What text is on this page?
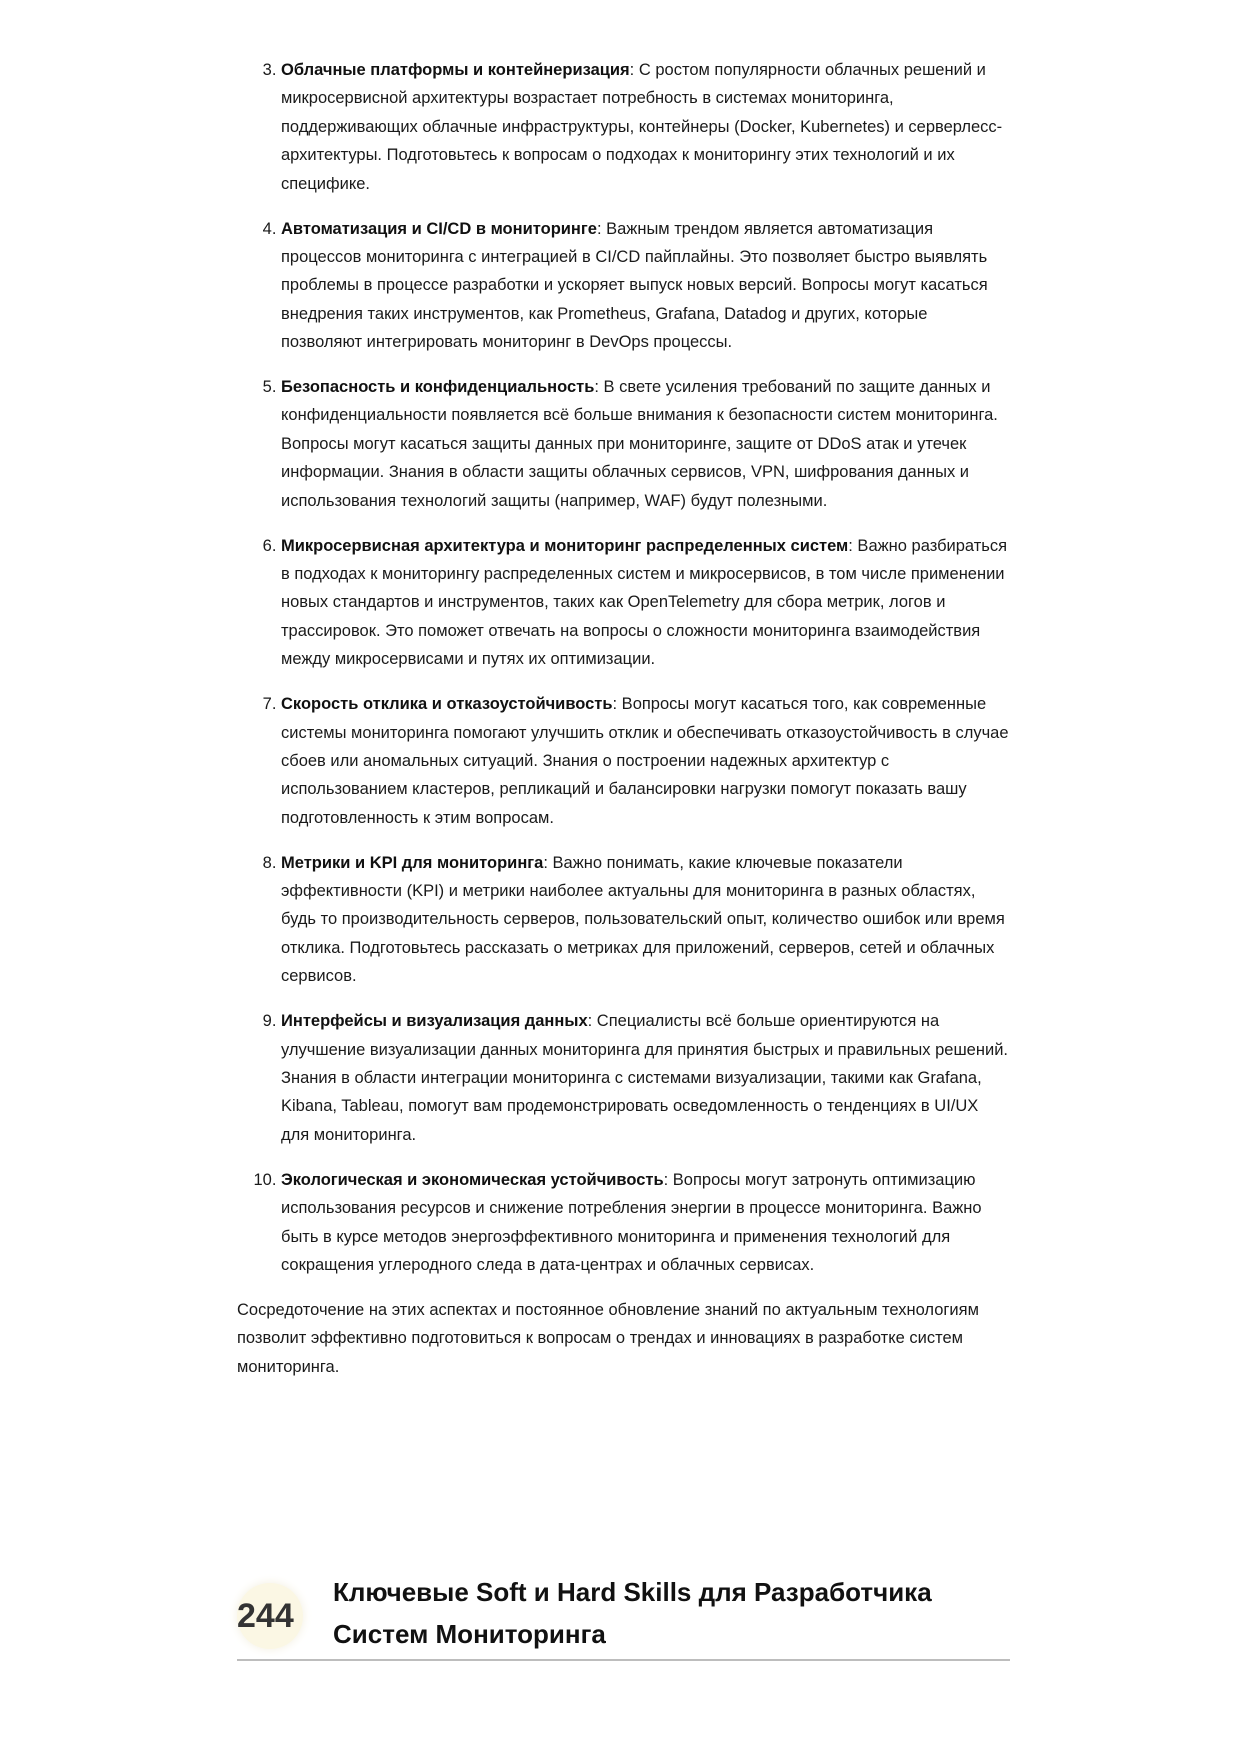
3. Облачные платформы и контейнеризация: С ростом популярности облачных решений и микросервисной архитектуры возрастает потребность в системах мониторинга, поддерживающих облачные инфраструктуры, контейнеры (Docker, Kubernetes) и серверлесс-архитектуры. Подготовьтесь к вопросам о подходах к мониторингу этих технологий и их специфике.
4. Автоматизация и CI/CD в мониторинге: Важным трендом является автоматизация процессов мониторинга с интеграцией в CI/CD пайплайны. Это позволяет быстро выявлять проблемы в процессе разработки и ускоряет выпуск новых версий. Вопросы могут касаться внедрения таких инструментов, как Prometheus, Grafana, Datadog и других, которые позволяют интегрировать мониторинг в DevOps процессы.
5. Безопасность и конфиденциальность: В свете усиления требований по защите данных и конфиденциальности появляется всё больше внимания к безопасности систем мониторинга. Вопросы могут касаться защиты данных при мониторинге, защите от DDoS атак и утечек информации. Знания в области защиты облачных сервисов, VPN, шифрования данных и использования технологий защиты (например, WAF) будут полезными.
6. Микросервисная архитектура и мониторинг распределенных систем: Важно разбираться в подходах к мониторингу распределенных систем и микросервисов, в том числе применении новых стандартов и инструментов, таких как OpenTelemetry для сбора метрик, логов и трассировок. Это поможет отвечать на вопросы о сложности мониторинга взаимодействия между микросервисами и путях их оптимизации.
7. Скорость отклика и отказоустойчивость: Вопросы могут касаться того, как современные системы мониторинга помогают улучшить отклик и обеспечивать отказоустойчивость в случае сбоев или аномальных ситуаций. Знания о построении надежных архитектур с использованием кластеров, репликаций и балансировки нагрузки помогут показать вашу подготовленность к этим вопросам.
8. Метрики и KPI для мониторинга: Важно понимать, какие ключевые показатели эффективности (KPI) и метрики наиболее актуальны для мониторинга в разных областях, будь то производительность серверов, пользовательский опыт, количество ошибок или время отклика. Подготовьтесь рассказать о метриках для приложений, серверов, сетей и облачных сервисов.
9. Интерфейсы и визуализация данных: Специалисты всё больше ориентируются на улучшение визуализации данных мониторинга для принятия быстрых и правильных решений. Знания в области интеграции мониторинга с системами визуализации, такими как Grafana, Kibana, Tableau, помогут вам продемонстрировать осведомленность о тенденциях в UI/UX для мониторинга.
10. Экологическая и экономическая устойчивость: Вопросы могут затронуть оптимизацию использования ресурсов и снижение потребления энергии в процессе мониторинга. Важно быть в курсе методов энергоэффективного мониторинга и применения технологий для сокращения углеродного следа в дата-центрах и облачных сервисах.

Сосредоточение на этих аспектах и постоянное обновление знаний по актуальным технологиям позволит эффективно подготовиться к вопросам о трендах и инновациях в разработке систем мониторинга.

244
Ключевые Soft и Hard Skills для Разработчика Систем Мониторинга
